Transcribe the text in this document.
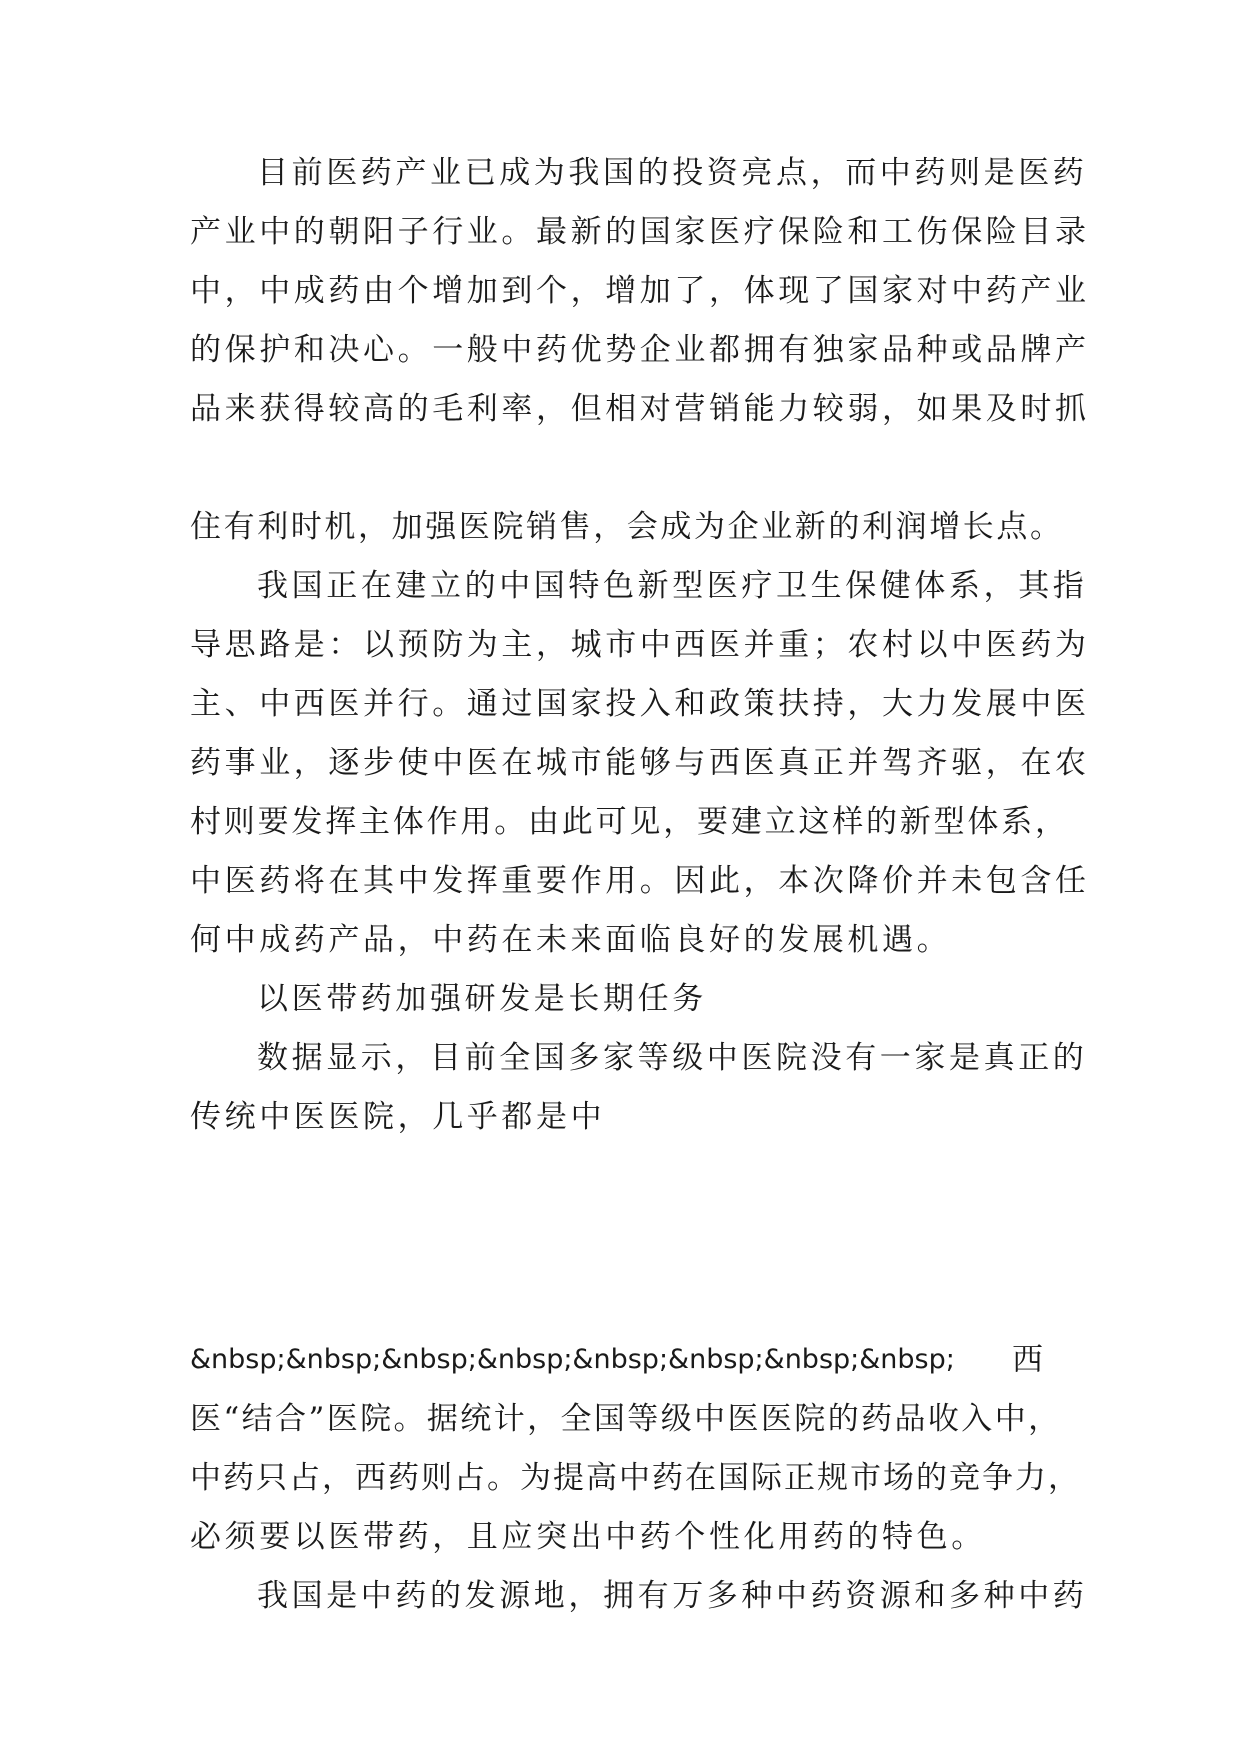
目前医药产业已成为我国的投资亮点，而中药则是医药

产业中的朝阳子行业。最新的国家医疗保险和工伤保险目录

中，中成药由个增加到个，增加了，体现了国家对中药产业

的保护和决心。一般中药优势企业都拥有独家品种或品牌产

品来获得较高的毛利率，但相对营销能力较弱，如果及时抓

住有利时机，加强医院销售，会成为企业新的利润增长点。

我国正在建立的中国特色新型医疗卫生保健体系，其指

导思路是：以预防为主，城市中西医并重；农村以中医药为

主、中西医并行。通过国家投入和政策扶持，大力发展中医

药事业，逐步使中医在城市能够与西医真正并驾齐驱，在农

村则要发挥主体作用。由此可见，要建立这样的新型体系，

中医药将在其中发挥重要作用。因此，本次降价并未包含任

何中成药产品，中药在未来面临良好的发展机遇。

以医带药加强研发是长期任务

数据显示，目前全国多家等级中医院没有一家是真正的

传统中医医院，几乎都是中

&nbsp;&nbsp;&nbsp;&nbsp;&nbsp;&nbsp;&nbsp;&nbsp; 西

医“结合”医院。据统计，全国等级中医医院的药品收入中，

中药只占，西药则占。为提高中药在国际正规市场的竞争力，

必须要以医带药，且应突出中药个性化用药的特色。

我国是中药的发源地，拥有万多种中药资源和多种中药
